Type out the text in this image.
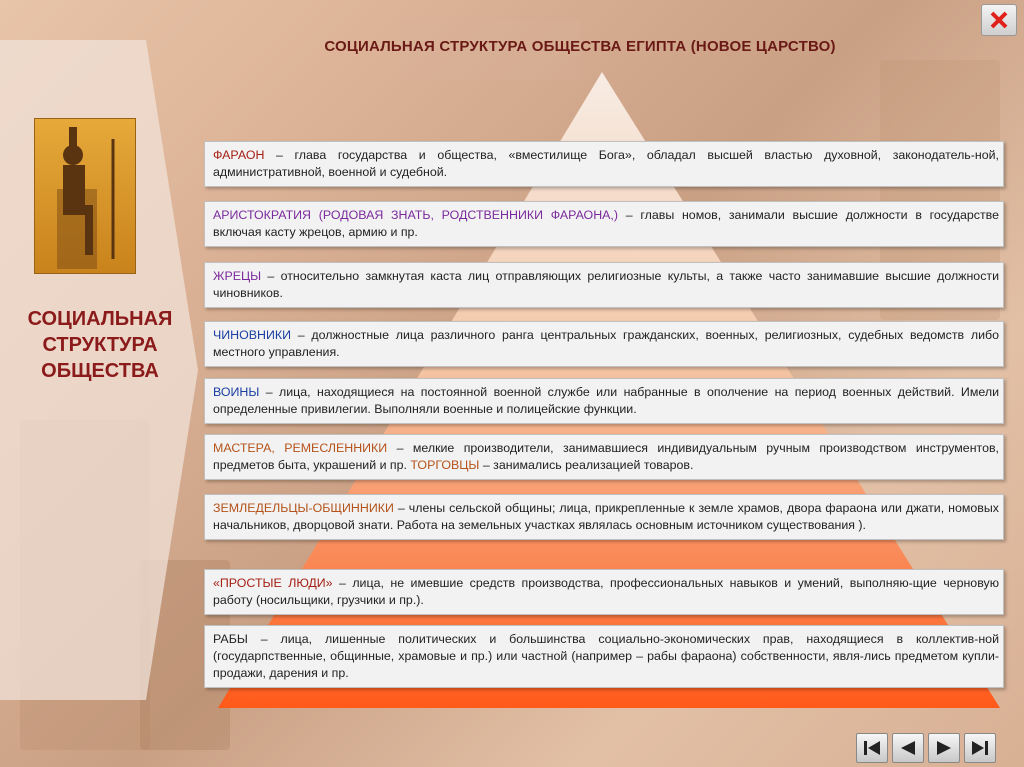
СОЦИАЛЬНАЯ СТРУКТУРА ОБЩЕСТВА ЕГИПТА (НОВОЕ ЦАРСТВО)
СОЦИАЛЬНАЯ
СТРУКТУРА
ОБЩЕСТВА
ФАРАОН – глава государства и общества, «вместилище Бога», обладал высшей властью духовной, законодатель-ной, административной, военной и судебной.
АРИСТОКРАТИЯ (РОДОВАЯ ЗНАТЬ, РОДСТВЕННИКИ ФАРАОНА,) – главы номов, занимали высшие должности в государстве включая касту жрецов, армию и пр.
ЖРЕЦЫ – относительно замкнутая каста лиц отправляющих религиозные культы, а также часто занимавшие высшие должности чиновников.
ЧИНОВНИКИ – должностные лица различного ранга центральных гражданских, военных, религиозных, судебных ведомств либо местного управления.
ВОИНЫ – лица, находящиеся на постоянной военной службе или набранные в ополчение на период военных действий. Имели определенные привилегии. Выполняли военные и полицейские функции.
МАСТЕРА, РЕМЕСЛЕННИКИ – мелкие производители, занимавшиеся индивидуальным ручным производством инструментов, предметов быта, украшений и пр. ТОРГОВЦЫ – занимались реализацией товаров.
ЗЕМЛЕДЕЛЬЦЫ-ОБЩИННИКИ – члены сельской общины; лица, прикрепленные к земле храмов, двора фараона или джати, номовых начальников, дворцовой знати. Работа на земельных участках являлась основным источником существования ).
«ПРОСТЫЕ ЛЮДИ» – лица, не имевшие средств производства, профессиональных навыков и умений, выполняю-щие черновую работу (носильщики, грузчики и пр.).
РАБЫ – лица, лишенные политических и большинства социально-экономических прав, находящиеся в коллектив-ной (государпственные, общинные, храмовые и пр.) или частной (например – рабы фараона) собственности, явля-лись предметом купли-продажи, дарения и пр.
